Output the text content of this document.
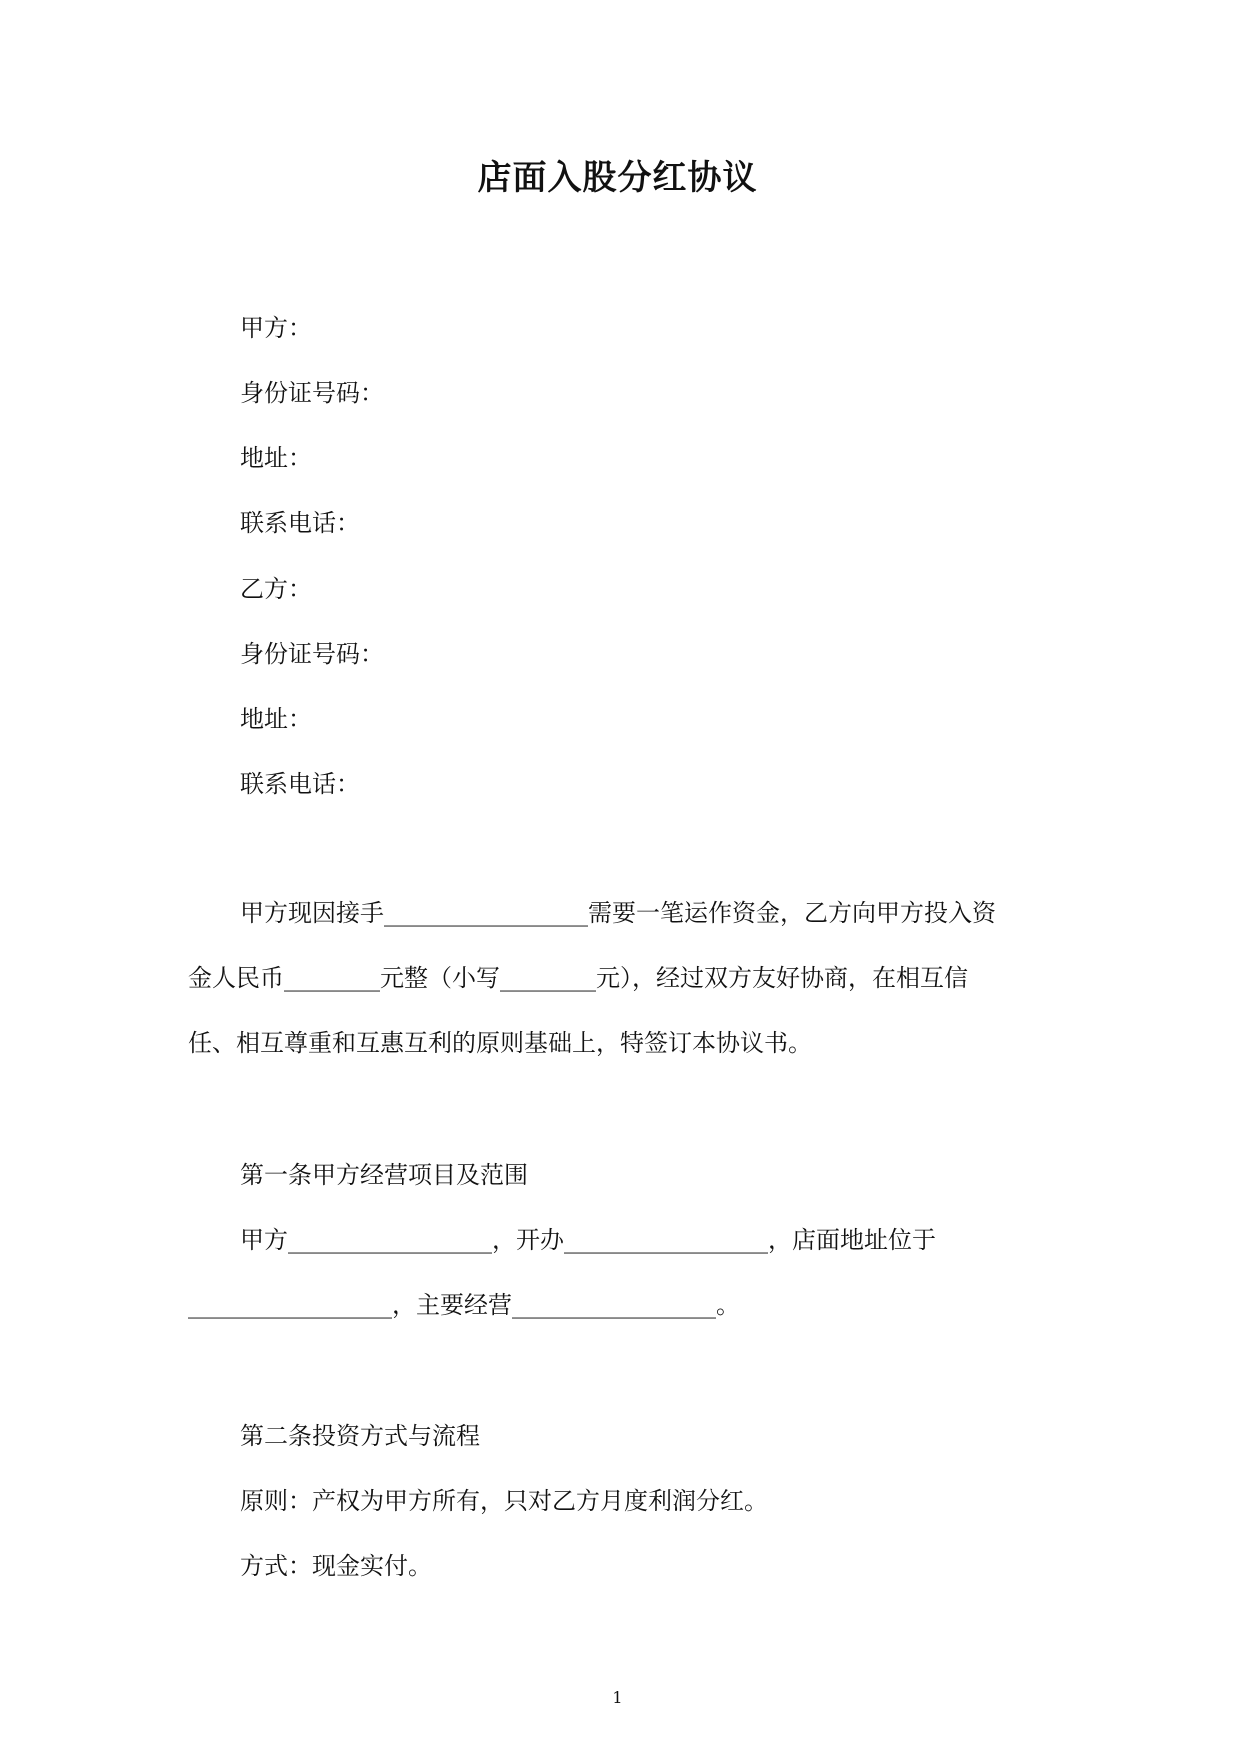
店面入股分红协议
甲方：
身份证号码：
地址：
联系电话：
乙方：
身份证号码：
地址：
联系电话：
甲方现因接手_________________需要一笔运作资金，乙方向甲方投入资
金人民币________元整（小写________元），经过双方友好协商，在相互信
任、相互尊重和互惠互利的原则基础上，特签订本协议书。
第一条甲方经营项目及范围
甲方_________________，开办_________________，店面地址位于
_________________，主要经营_________________。
第二条投资方式与流程
原则：产权为甲方所有，只对乙方月度利润分红。
方式：现金实付。
1
